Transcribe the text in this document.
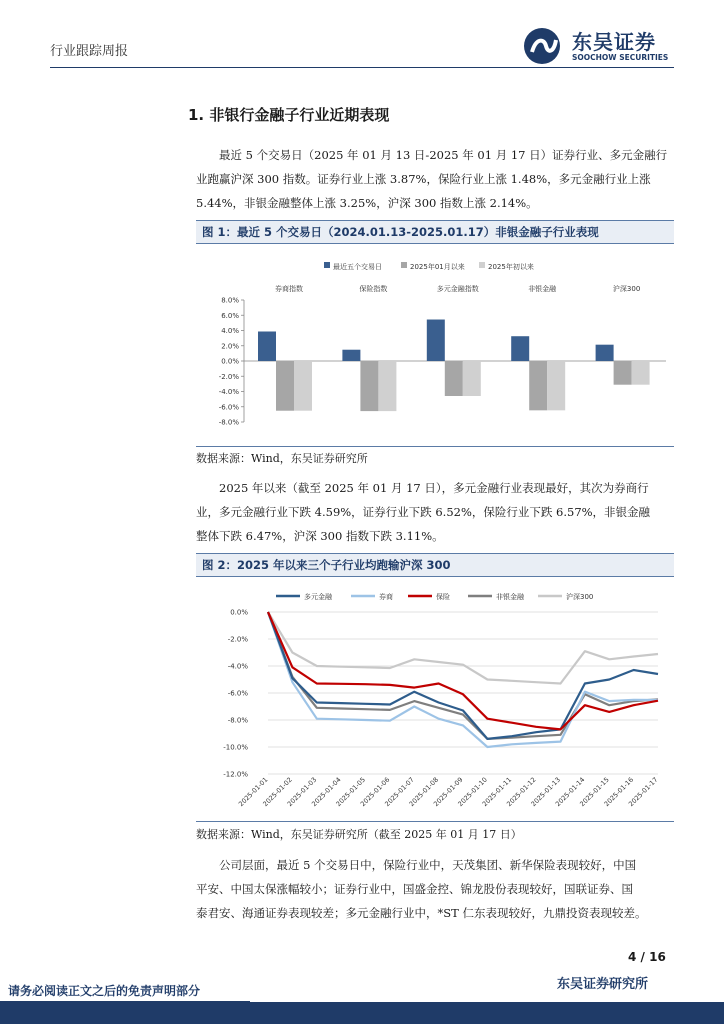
行业跟踪周报	东吴证券
SOOCHOW SECURITIES
1. 非银行金融子行业近期表现

最近 5 个交易日（2025 年 01 月 13 日-2025 年 01 月 17 日）证券行业、多元金融行

业跑赢沪深 300 指数。证券行业上涨 3.87%，保险行业上涨 1.48%，多元金融行业上涨

5.44%，非银金融整体上涨 3.25%，沪深 300 指数上涨 2.14%。

图 1：最近 5 个交易日（2024.01.13-2025.01.17）非银金融子行业表现
最近五个交易日	2025年01月以来	2025年初以来
8.0%
6.0%
4.0%
2.0%
0.0%
-2.0%
-4.0%
-6.0%
-8.0%
券商指数	保险指数	多元金融指数	非银金融	沪深300
数据来源：Wind，东吴证券研究所

2025 年以来（截至 2025 年 01 月 17 日），多元金融行业表现最好，其次为券商行

业，多元金融行业下跌 4.59%，证券行业下跌 6.52%，保险行业下跌 6.57%，非银金融

整体下跌 6.47%，沪深 300 指数下跌 3.11%。

图 2：2025 年以来三个子行业均跑输沪深 300
多元金融	券商	保险	非银金融	沪深300
0.0%
-2.0%
-4.0%
-6.0%
-8.0%
-10.0%
-12.0%
2025-01-01
2025-01-02
2025-01-03
2025-01-04
2025-01-05
2025-01-06
2025-01-07
2025-01-08
2025-01-09
2025-01-10
2025-01-11
2025-01-12
2025-01-13
2025-01-14
2025-01-15
2025-01-16
2025-01-17
数据来源：Wind，东吴证券研究所（截至 2025 年 01 月 17 日）

公司层面，最近 5 个交易日中，保险行业中，天茂集团、新华保险表现较好，中国

平安、中国太保涨幅较小；证券行业中，国盛金控、锦龙股份表现较好，国联证券、国

泰君安、海通证券表现较差；多元金融行业中，*ST 仁东表现较好，九鼎投资表现较差。

4 / 16
东吴证券研究所
请务必阅读正文之后的免责声明部分
